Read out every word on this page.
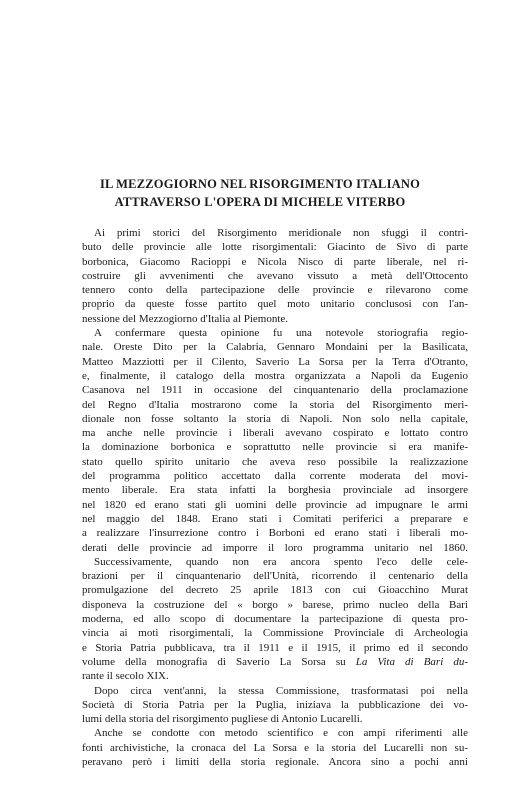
IL MEZZOGIORNO NEL RISORGIMENTO ITALIANO
ATTRAVERSO L'OPERA DI MICHELE VITERBO
Ai primi storici del Risorgimento meridionale non sfuggì il contri-
buto delle provincie alle lotte risorgimentali: Giacinto de Sivo di parte
borbonica, Giacomo Racioppi e Nicola Nisco di parte liberale, nel ri-
costruire gli avvenimenti che avevano vissuto a metà dell'Ottocento
tennero conto della partecipazione delle provincie e rilevarono come
proprio da queste fosse partito quel moto unitario conclusosi con l'an-
nessione del Mezzogiorno d'Italia al Piemonte.
A confermare questa opinione fu una notevole storiografia regio-
nale. Oreste Dito per la Calabria, Gennaro Mondaini per la Basilicata,
Matteo Mazziotti per il Cilento, Saverio La Sorsa per la Terra d'Otranto,
e, finalmente, il catalogo della mostra organizzata a Napoli da Eugenio
Casanova nel 1911 in occasione del cinquantenario della proclamazione
del Regno d'Italia mostrarono come la storia del Risorgimento meri-
dionale non fosse soltanto la storia di Napoli. Non solo nella capitale,
ma anche nelle provincie i liberali avevano cospirato e lottato contro
la dominazione borbonica e soprattutto nelle provincie si era manife-
stato quello spirito unitario che aveva reso possibile la realizzazione
del programma politico accettato dalla corrente moderata del movi-
mento liberale. Era stata infatti la borghesia provinciale ad insorgere
nel 1820 ed erano stati gli uomini delle provincie ad impugnare le armi
nel maggio del 1848. Erano stati i Comitati periferici a preparare e
a realizzare l'insurrezione contro i Borboni ed erano stati i liberali mo-
derati delle provincie ad imporre il loro programma unitario nel 1860.
Successivamente, quando non era ancora spento l'eco delle cele-
brazioni per il cinquantenario dell'Unità, ricorrendo il centenario della
promulgazione del decreto 25 aprile 1813 con cui Gioacchino Murat
disponeva la costruzione del « borgo » barese, primo nucleo della Bari
moderna, ed allo scopo di documentare la partecipazione di questa pro-
vincia ai moti risorgimentali, la Commissione Provinciale di Archeologia
e Storia Patria pubblicava, tra il 1911 e il 1915, il primo ed il secondo
volume della monografia di Saverio La Sorsa su La Vita di Bari du-
rante il secolo XIX.
Dopo circa vent'anni, la stessa Commissione, trasformatasi poi nella
Società di Storia Patria per la Puglia, iniziava la pubblicazione dei vo-
lumi della storia del risorgimento pugliese di Antonio Lucarelli.
Anche se condotte con metodo scientifico e con ampi riferimenti alle
fonti archivistiche, la cronaca del La Sorsa e la storia del Lucarelli non su-
peravano però i limiti della storia regionale. Ancora sino a pochi anni
